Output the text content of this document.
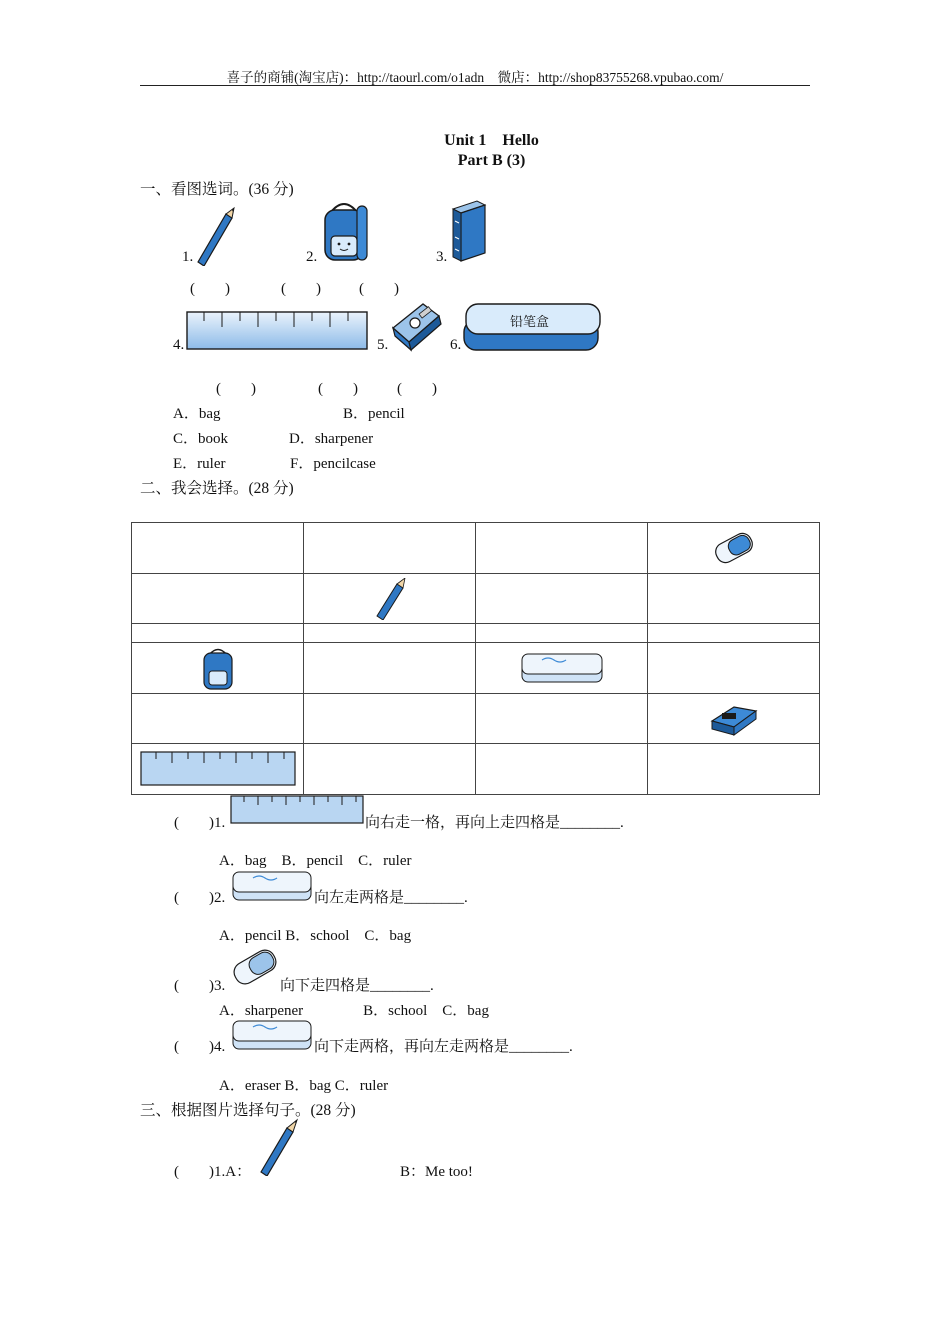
喜子的商铺(淘宝店)：http://taourl.com/o1adn　微店：http://shop83755268.vpubao.com/
Unit 1　Hello
Part B (3)
一、看图选词。(36 分)
1.	2.	3.
(　　)	(　　)	(　　)
4.	5.	6.
铅笔盒
(　　)	(　　)	(　　)
A．bag	B．pencil
C．book	D．sharpener
E．ruler	F．pencilcase
二、我会选择。(28 分)

(　　)1.	向右走一格，再向上走四格是________.
A．bag　B．pencil　C．ruler
(　　)2.	向左走两格是________.
A．pencil B．school　C．bag
(　　)3.	向下走四格是________.
A．sharpener　　　　B．school　C．bag
(　　)4.	向下走两格，再向左走两格是________.
A．eraser B．bag C．ruler
三、根据图片选择句子。(28 分)
(　　)1.A：	B：Me too!
